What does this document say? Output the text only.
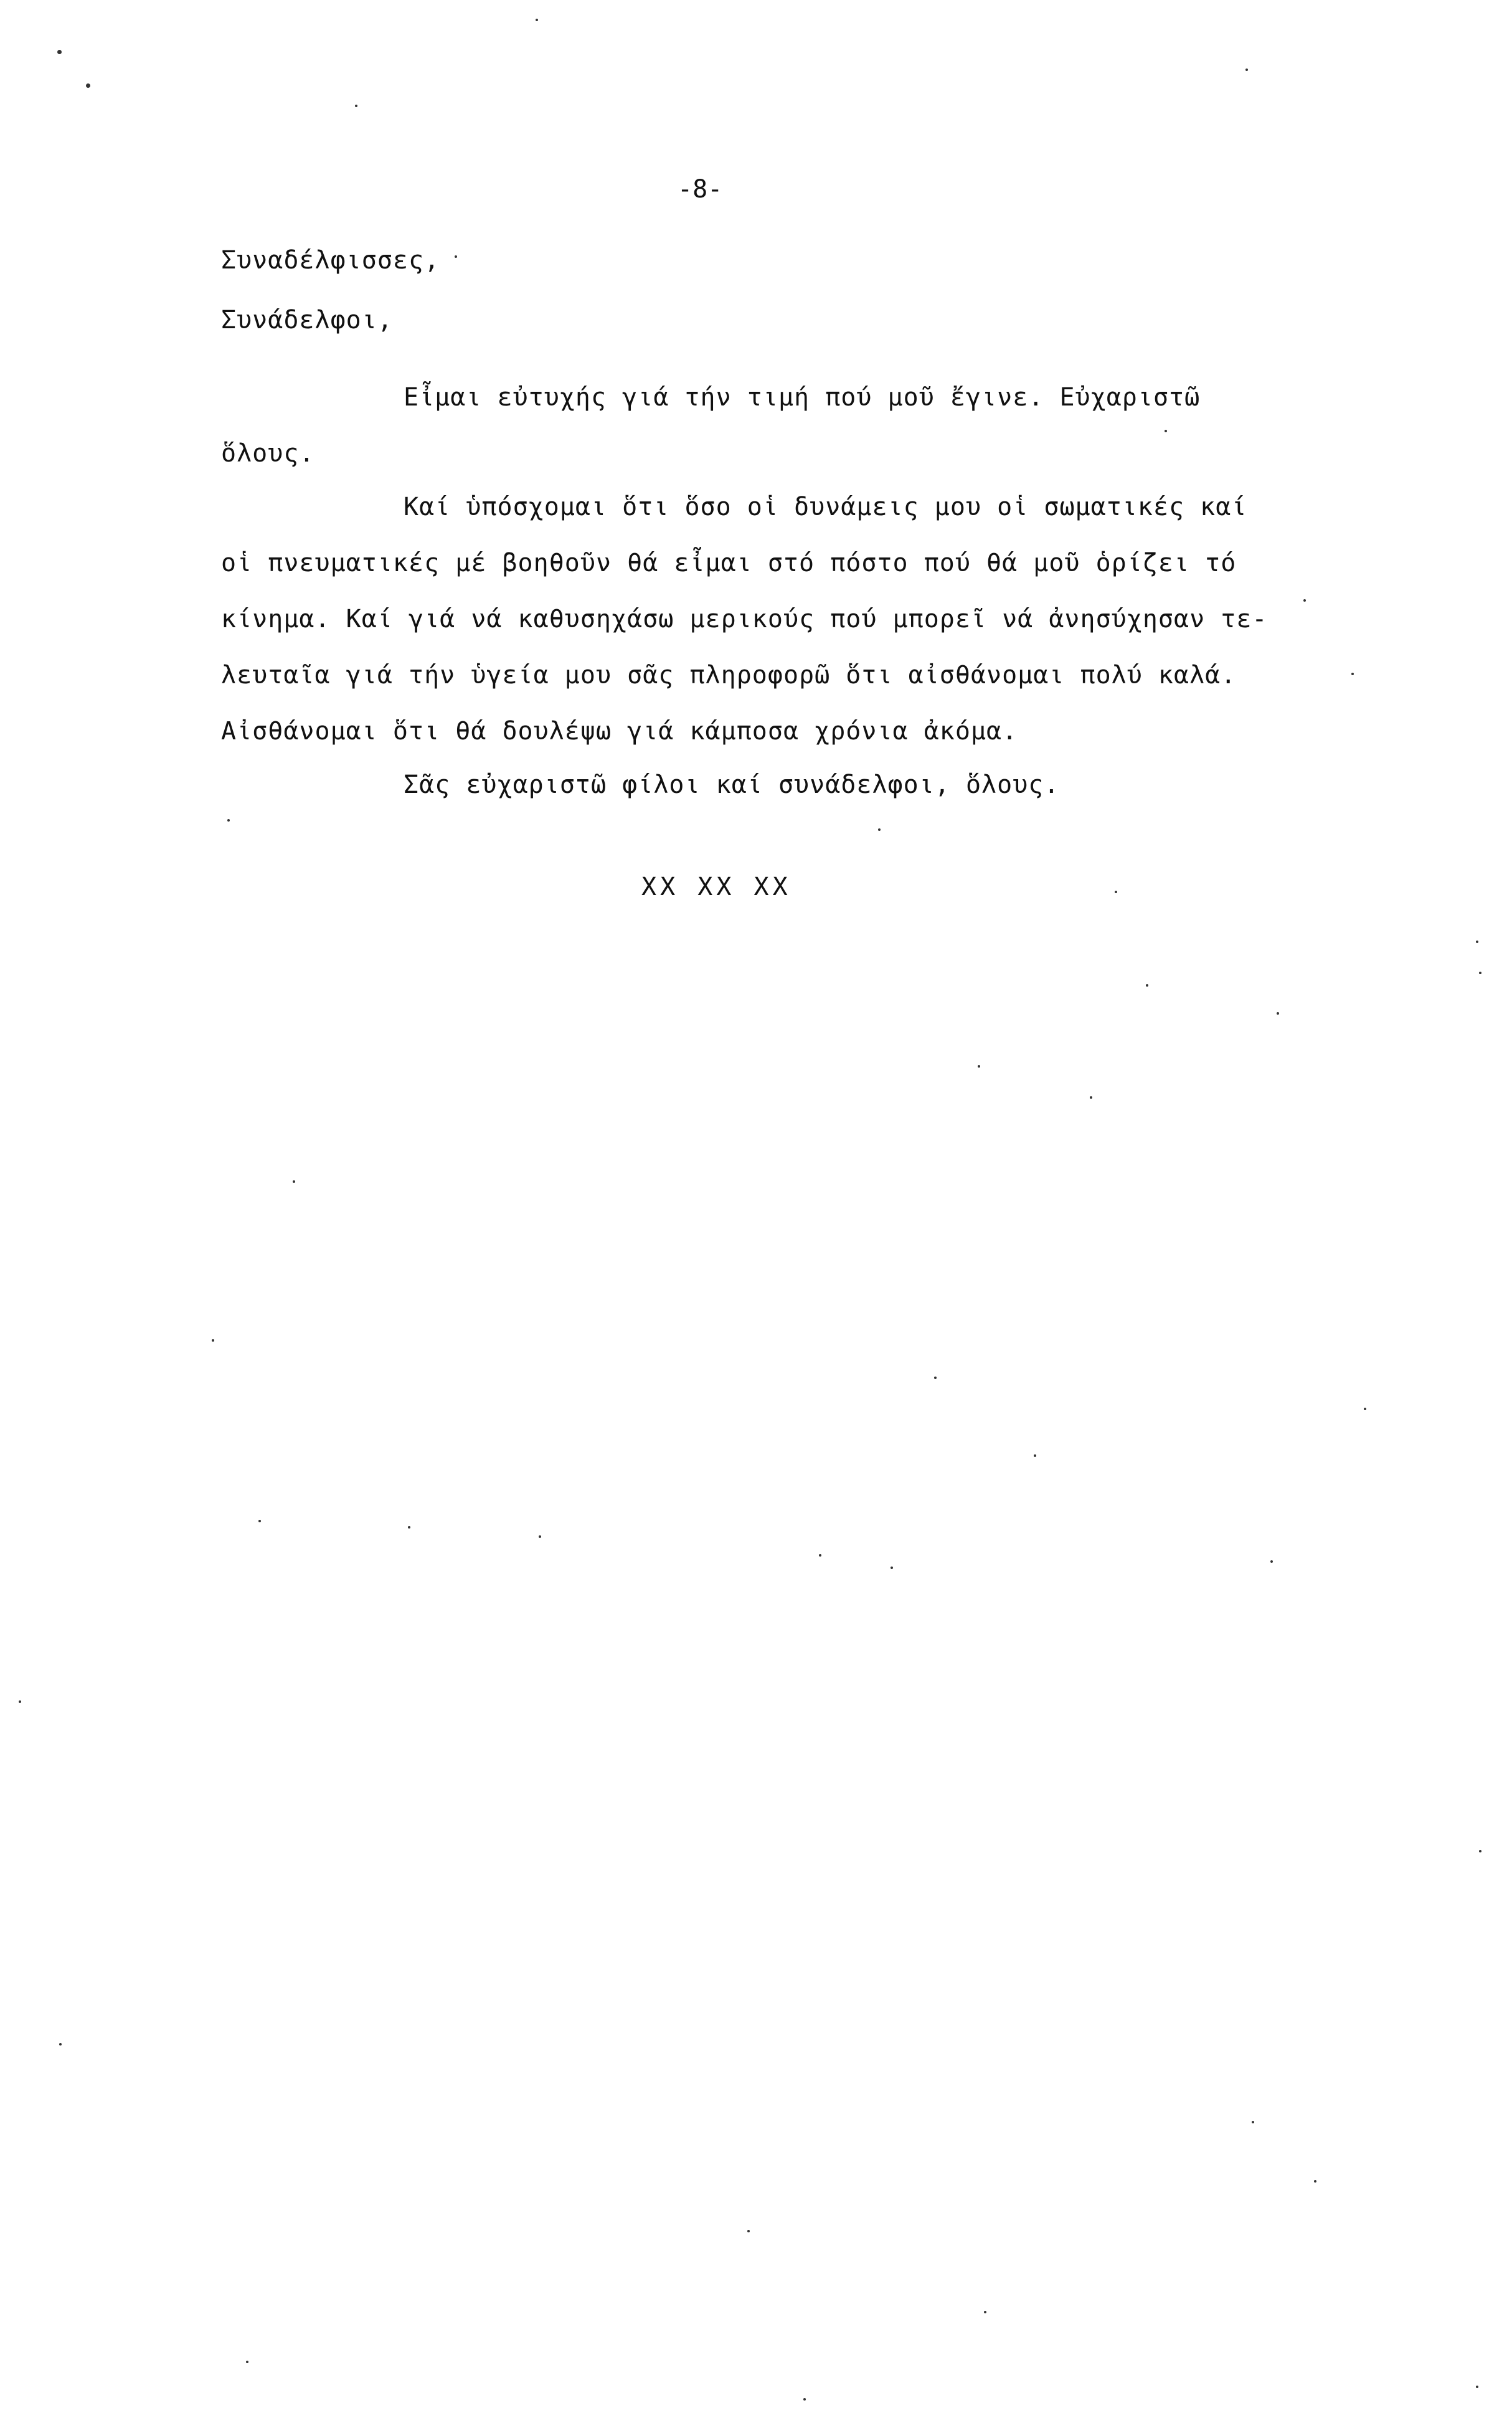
-8-
Συναδέλφισσες,
Συνάδελφοι,
Εἶμαι εὐτυχής γιά τήν τιμή πού μοῦ ἔγινε. Εὐχαριστῶ
ὅλους.
Καί ὑπόσχομαι ὅτι ὅσο οἱ δυνάμεις μου οἱ σωματικές καί
οἱ πνευματικές μέ βοηθοῦν θά εἶμαι στό πόστο πού θά μοῦ ὁρίζει τό
κίνημα. Καί γιά νά καθυσηχάσω μερικούς πού μπορεῖ νά ἀνησύχησαν τε-
λευταῖα γιά τήν ὑγεία μου σᾶς πληροφορῶ ὅτι αἰσθάνομαι πολύ καλά.
Αἰσθάνομαι ὅτι θά δουλέψω γιά κάμποσα χρόνια ἀκόμα.
Σᾶς εὐχαριστῶ φίλοι καί συνάδελφοι, ὅλους.
XX XX XX
